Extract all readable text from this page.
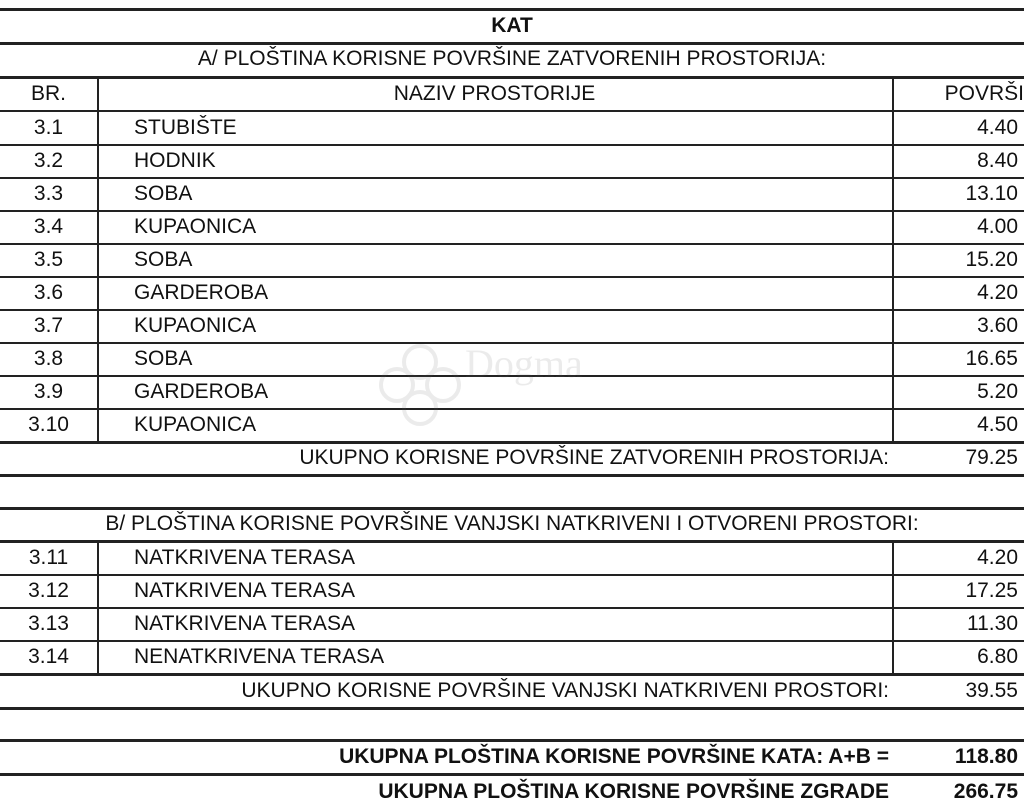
KAT
A/ PLOŠTINA KORISNE POVRŠINE ZATVORENIH PROSTORIJA:
BR.	NAZIV PROSTORIJE	POVRŠI
3.1	STUBIŠTE	4.40
3.2	HODNIK	8.40
3.3	SOBA	13.10
3.4	KUPAONICA	4.00
3.5	SOBA	15.20
3.6	GARDEROBA	4.20
3.7	KUPAONICA	3.60
3.8	SOBA	16.65
3.9	GARDEROBA	5.20
3.10	KUPAONICA	4.50
UKUPNO KORISNE POVRŠINE ZATVORENIH PROSTORIJA:	79.25
B/ PLOŠTINA KORISNE POVRŠINE VANJSKI NATKRIVENI I OTVORENI PROSTORI:
3.11	NATKRIVENA TERASA	4.20
3.12	NATKRIVENA TERASA	17.25
3.13	NATKRIVENA TERASA	11.30
3.14	NENATKRIVENA TERASA	6.80
UKUPNO KORISNE POVRŠINE VANJSKI NATKRIVENI PROSTORI:	39.55
UKUPNA PLOŠTINA KORISNE POVRŠINE KATA: A+B =	118.80
UKUPNA PLOŠTINA KORISNE POVRŠINE ZGRADE	266.75
Dogma
